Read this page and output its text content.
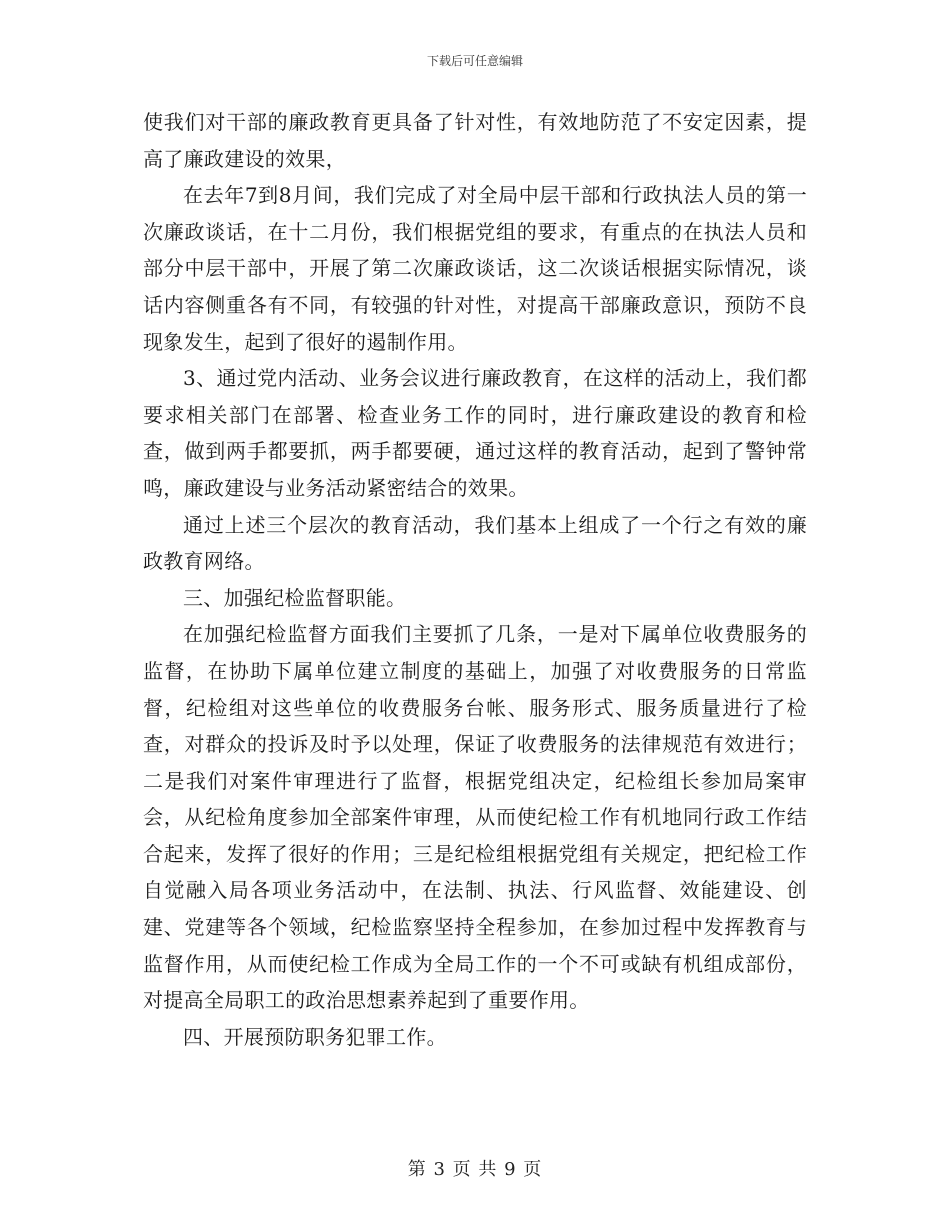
下载后可任意编辑

使我们对干部的廉政教育更具备了针对性，有效地防范了不安定因素，提高了廉政建设的效果，

在去年7到8月间，我们完成了对全局中层干部和行政执法人员的第一次廉政谈话，在十二月份，我们根据党组的要求，有重点的在执法人员和部分中层干部中，开展了第二次廉政谈话，这二次谈话根据实际情况，谈话内容侧重各有不同，有较强的针对性，对提高干部廉政意识，预防不良现象发生，起到了很好的遏制作用。

3、通过党内活动、业务会议进行廉政教育，在这样的活动上，我们都要求相关部门在部署、检查业务工作的同时，进行廉政建设的教育和检查，做到两手都要抓，两手都要硬，通过这样的教育活动，起到了警钟常鸣，廉政建设与业务活动紧密结合的效果。

通过上述三个层次的教育活动，我们基本上组成了一个行之有效的廉政教育网络。

三、加强纪检监督职能。

在加强纪检监督方面我们主要抓了几条，一是对下属单位收费服务的监督，在协助下属单位建立制度的基础上，加强了对收费服务的日常监督，纪检组对这些单位的收费服务台帐、服务形式、服务质量进行了检查，对群众的投诉及时予以处理，保证了收费服务的法律规范有效进行；二是我们对案件审理进行了监督，根据党组决定，纪检组长参加局案审会，从纪检角度参加全部案件审理，从而使纪检工作有机地同行政工作结合起来，发挥了很好的作用；三是纪检组根据党组有关规定，把纪检工作自觉融入局各项业务活动中，在法制、执法、行风监督、效能建设、创建、党建等各个领域，纪检监察坚持全程参加，在参加过程中发挥教育与监督作用，从而使纪检工作成为全局工作的一个不可或缺有机组成部份，对提高全局职工的政治思想素养起到了重要作用。

四、开展预防职务犯罪工作。

第 3 页 共 9 页
